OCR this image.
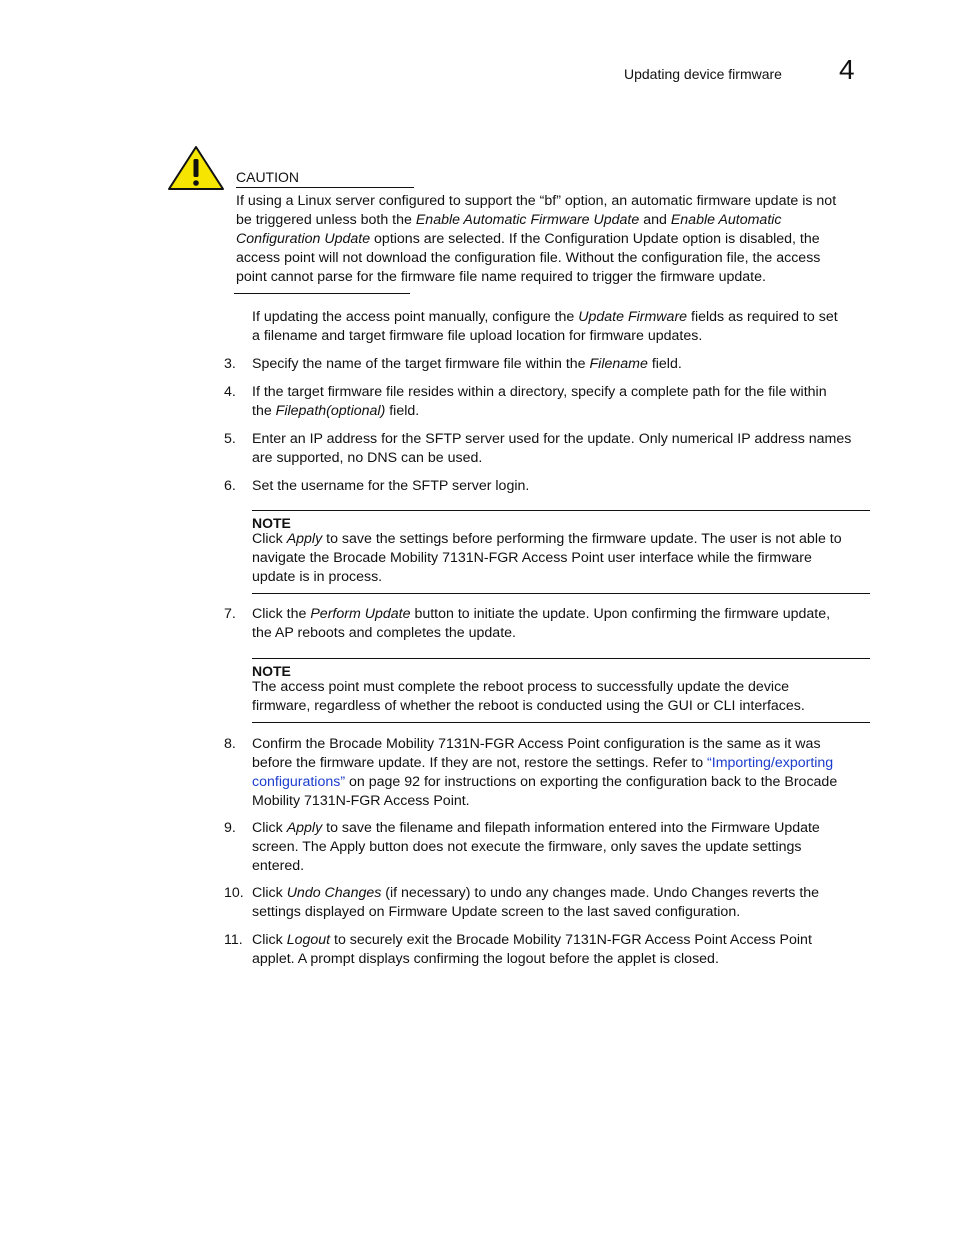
Updating device firmware 4
CAUTION
If using a Linux server configured to support the “bf” option, an automatic firmware update is not
be triggered unless both the Enable Automatic Firmware Update and Enable Automatic
Configuration Update options are selected. If the Configuration Update option is disabled, the
access point will not download the configuration file. Without the configuration file, the access
point cannot parse for the firmware file name required to trigger the firmware update.
If updating the access point manually, configure the Update Firmware fields as required to set
a filename and target firmware file upload location for firmware updates.
3. Specify the name of the target firmware file within the Filename field.
4. If the target firmware file resides within a directory, specify a complete path for the file within
the Filepath(optional) field.
5. Enter an IP address for the SFTP server used for the update. Only numerical IP address names
are supported, no DNS can be used.
6. Set the username for the SFTP server login.
NOTE
Click Apply to save the settings before performing the firmware update. The user is not able to
navigate the Brocade Mobility 7131N-FGR Access Point user interface while the firmware
update is in process.
7. Click the Perform Update button to initiate the update. Upon confirming the firmware update,
the AP reboots and completes the update.
NOTE
The access point must complete the reboot process to successfully update the device
firmware, regardless of whether the reboot is conducted using the GUI or CLI interfaces.
8. Confirm the Brocade Mobility 7131N-FGR Access Point configuration is the same as it was
before the firmware update. If they are not, restore the settings. Refer to “Importing/exporting
configurations” on page 92 for instructions on exporting the configuration back to the Brocade
Mobility 7131N-FGR Access Point.
9. Click Apply to save the filename and filepath information entered into the Firmware Update
screen. The Apply button does not execute the firmware, only saves the update settings
entered.
10. Click Undo Changes (if necessary) to undo any changes made. Undo Changes reverts the
settings displayed on Firmware Update screen to the last saved configuration.
11. Click Logout to securely exit the Brocade Mobility 7131N-FGR Access Point Access Point
applet. A prompt displays confirming the logout before the applet is closed.
